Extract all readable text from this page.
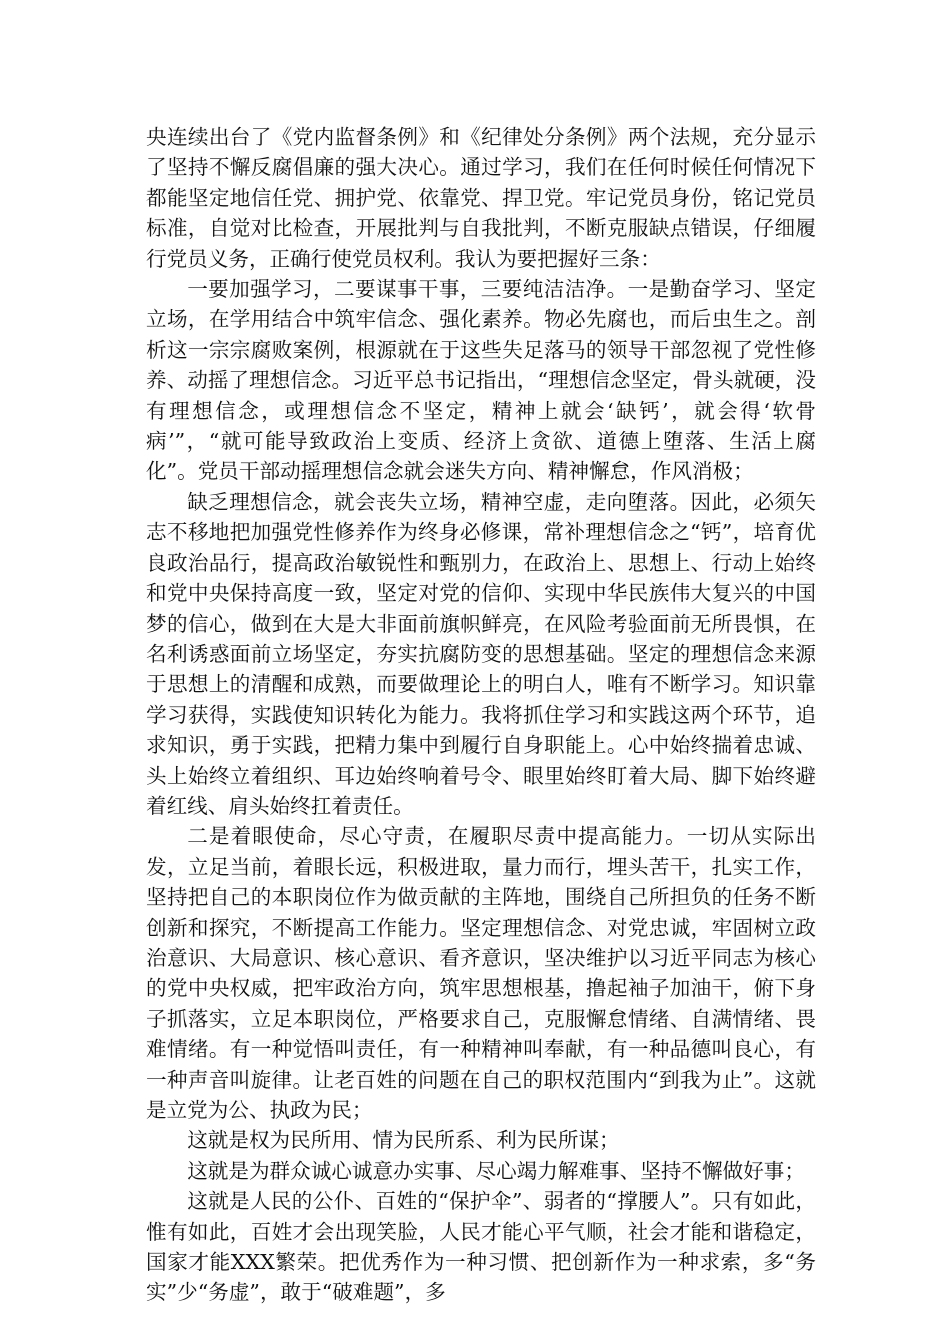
央连续出台了《党内监督条例》和《纪律处分条例》两个法规，充分显示了坚持不懈反腐倡廉的强大决心。通过学习，我们在任何时候任何情况下都能坚定地信任党、拥护党、依靠党、捍卫党。牢记党员身份，铭记党员标准，自觉对比检查，开展批判与自我批判，不断克服缺点错误，仔细履行党员义务，正确行使党员权利。我认为要把握好三条：

一要加强学习，二要谋事干事，三要纯洁洁净。一是勤奋学习、坚定立场，在学用结合中筑牢信念、强化素养。物必先腐也，而后虫生之。剖析这一宗宗腐败案例，根源就在于这些失足落马的领导干部忽视了党性修养、动摇了理想信念。习近平总书记指出，“理想信念坚定，骨头就硬，没有理想信念，或理想信念不坚定，精神上就会‘缺钙’，就会得‘软骨病’”，“就可能导致政治上变质、经济上贪欲、道德上堕落、生活上腐化”。党员干部动摇理想信念就会迷失方向、精神懈怠，作风消极；

缺乏理想信念，就会丧失立场，精神空虚，走向堕落。因此，必须矢志不移地把加强党性修养作为终身必修课，常补理想信念之“钙”，培育优良政治品行，提高政治敏锐性和甄别力，在政治上、思想上、行动上始终和党中央保持高度一致，坚定对党的信仰、实现中华民族伟大复兴的中国梦的信心，做到在大是大非面前旗帜鲜亮，在风险考验面前无所畏惧，在名利诱惑面前立场坚定，夯实抗腐防变的思想基础。坚定的理想信念来源于思想上的清醒和成熟，而要做理论上的明白人，唯有不断学习。知识靠学习获得，实践使知识转化为能力。我将抓住学习和实践这两个环节，追求知识，勇于实践，把精力集中到履行自身职能上。心中始终揣着忠诚、头上始终立着组织、耳边始终响着号令、眼里始终盯着大局、脚下始终避着红线、肩头始终扛着责任。

二是着眼使命，尽心守责，在履职尽责中提高能力。一切从实际出发，立足当前，着眼长远，积极进取，量力而行，埋头苦干，扎实工作，坚持把自己的本职岗位作为做贡献的主阵地，围绕自己所担负的任务不断创新和探究，不断提高工作能力。坚定理想信念、对党忠诚，牢固树立政治意识、大局意识、核心意识、看齐意识，坚决维护以习近平同志为核心的党中央权威，把牢政治方向，筑牢思想根基，撸起袖子加油干，俯下身子抓落实，立足本职岗位，严格要求自己，克服懈怠情绪、自满情绪、畏难情绪。有一种觉悟叫责任，有一种精神叫奉献，有一种品德叫良心，有一种声音叫旋律。让老百姓的问题在自己的职权范围内“到我为止”。这就是立党为公、执政为民；

这就是权为民所用、情为民所系、利为民所谋；

这就是为群众诚心诚意办实事、尽心竭力解难事、坚持不懈做好事；

这就是人民的公仆、百姓的“保护伞”、弱者的“撑腰人”。只有如此，惟有如此，百姓才会出现笑脸，人民才能心平气顺，社会才能和谐稳定，国家才能XXX繁荣。把优秀作为一种习惯、把创新作为一种求索，多“务实”少“务虚”，敢于“破难题”，多
